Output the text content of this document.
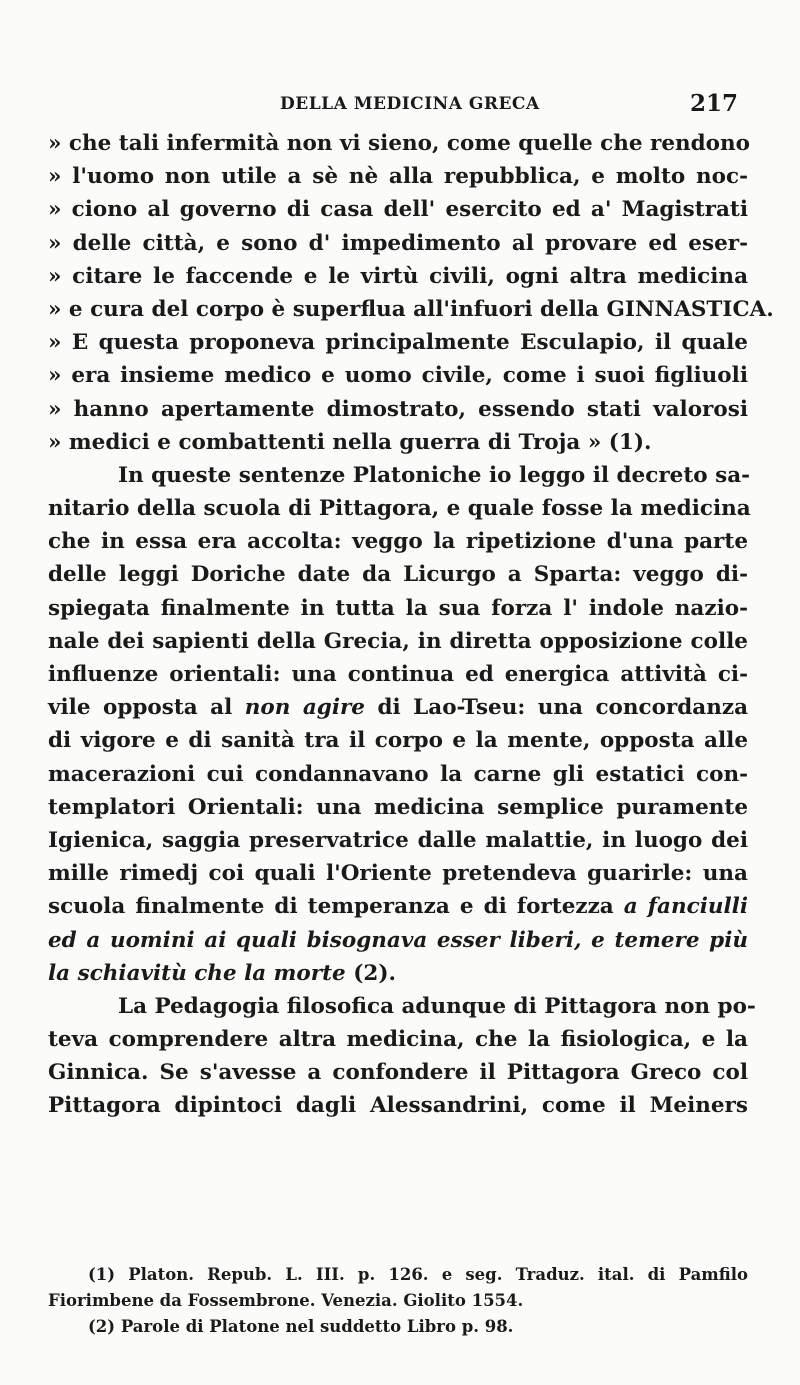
DELLA MEDICINA GRECA	217
» che tali infermità non vi sieno, come quelle che rendono
» l'uomo non utile a sè nè alla repubblica, e molto noc-
» ciono al governo di casa dell' esercito ed a' Magistrati
» delle città, e sono d' impedimento al provare ed eser-
» citare le faccende e le virtù civili, ogni altra medicina
» e cura del corpo è superflua all'infuori della GINNASTICA.
» E questa proponeva principalmente Esculapio, il quale
» era insieme medico e uomo civile, come i suoi figliuoli
» hanno apertamente dimostrato, essendo stati valorosi
» medici e combattenti nella guerra di Troja » (1).
In queste sentenze Platoniche io leggo il decreto sa-
nitario della scuola di Pittagora, e quale fosse la medicina
che in essa era accolta: veggo la ripetizione d'una parte
delle leggi Doriche date da Licurgo a Sparta: veggo di-
spiegata finalmente in tutta la sua forza l' indole nazio-
nale dei sapienti della Grecia, in diretta opposizione colle
influenze orientali: una continua ed energica attività ci-
vile opposta al non agire di Lao-Tseu: una concordanza
di vigore e di sanità tra il corpo e la mente, opposta alle
macerazioni cui condannavano la carne gli estatici con-
templatori Orientali: una medicina semplice puramente
Igienica, saggia preservatrice dalle malattie, in luogo dei
mille rimedj coi quali l'Oriente pretendeva guarirle: una
scuola finalmente di temperanza e di fortezza a fanciulli
ed a uomini ai quali bisognava esser liberi, e temere più
la schiavitù che la morte (2).
La Pedagogia filosofica adunque di Pittagora non po-
teva comprendere altra medicina, che la fisiologica, e la
Ginnica. Se s'avesse a confondere il Pittagora Greco col
Pittagora dipintoci dagli Alessandrini, come il Meiners
(1) Platon. Repub. L. III. p. 126. e seg. Traduz. ital. di Pamfilo
Fiorimbene da Fossembrone. Venezia. Giolito 1554.
(2) Parole di Platone nel suddetto Libro p. 98.
